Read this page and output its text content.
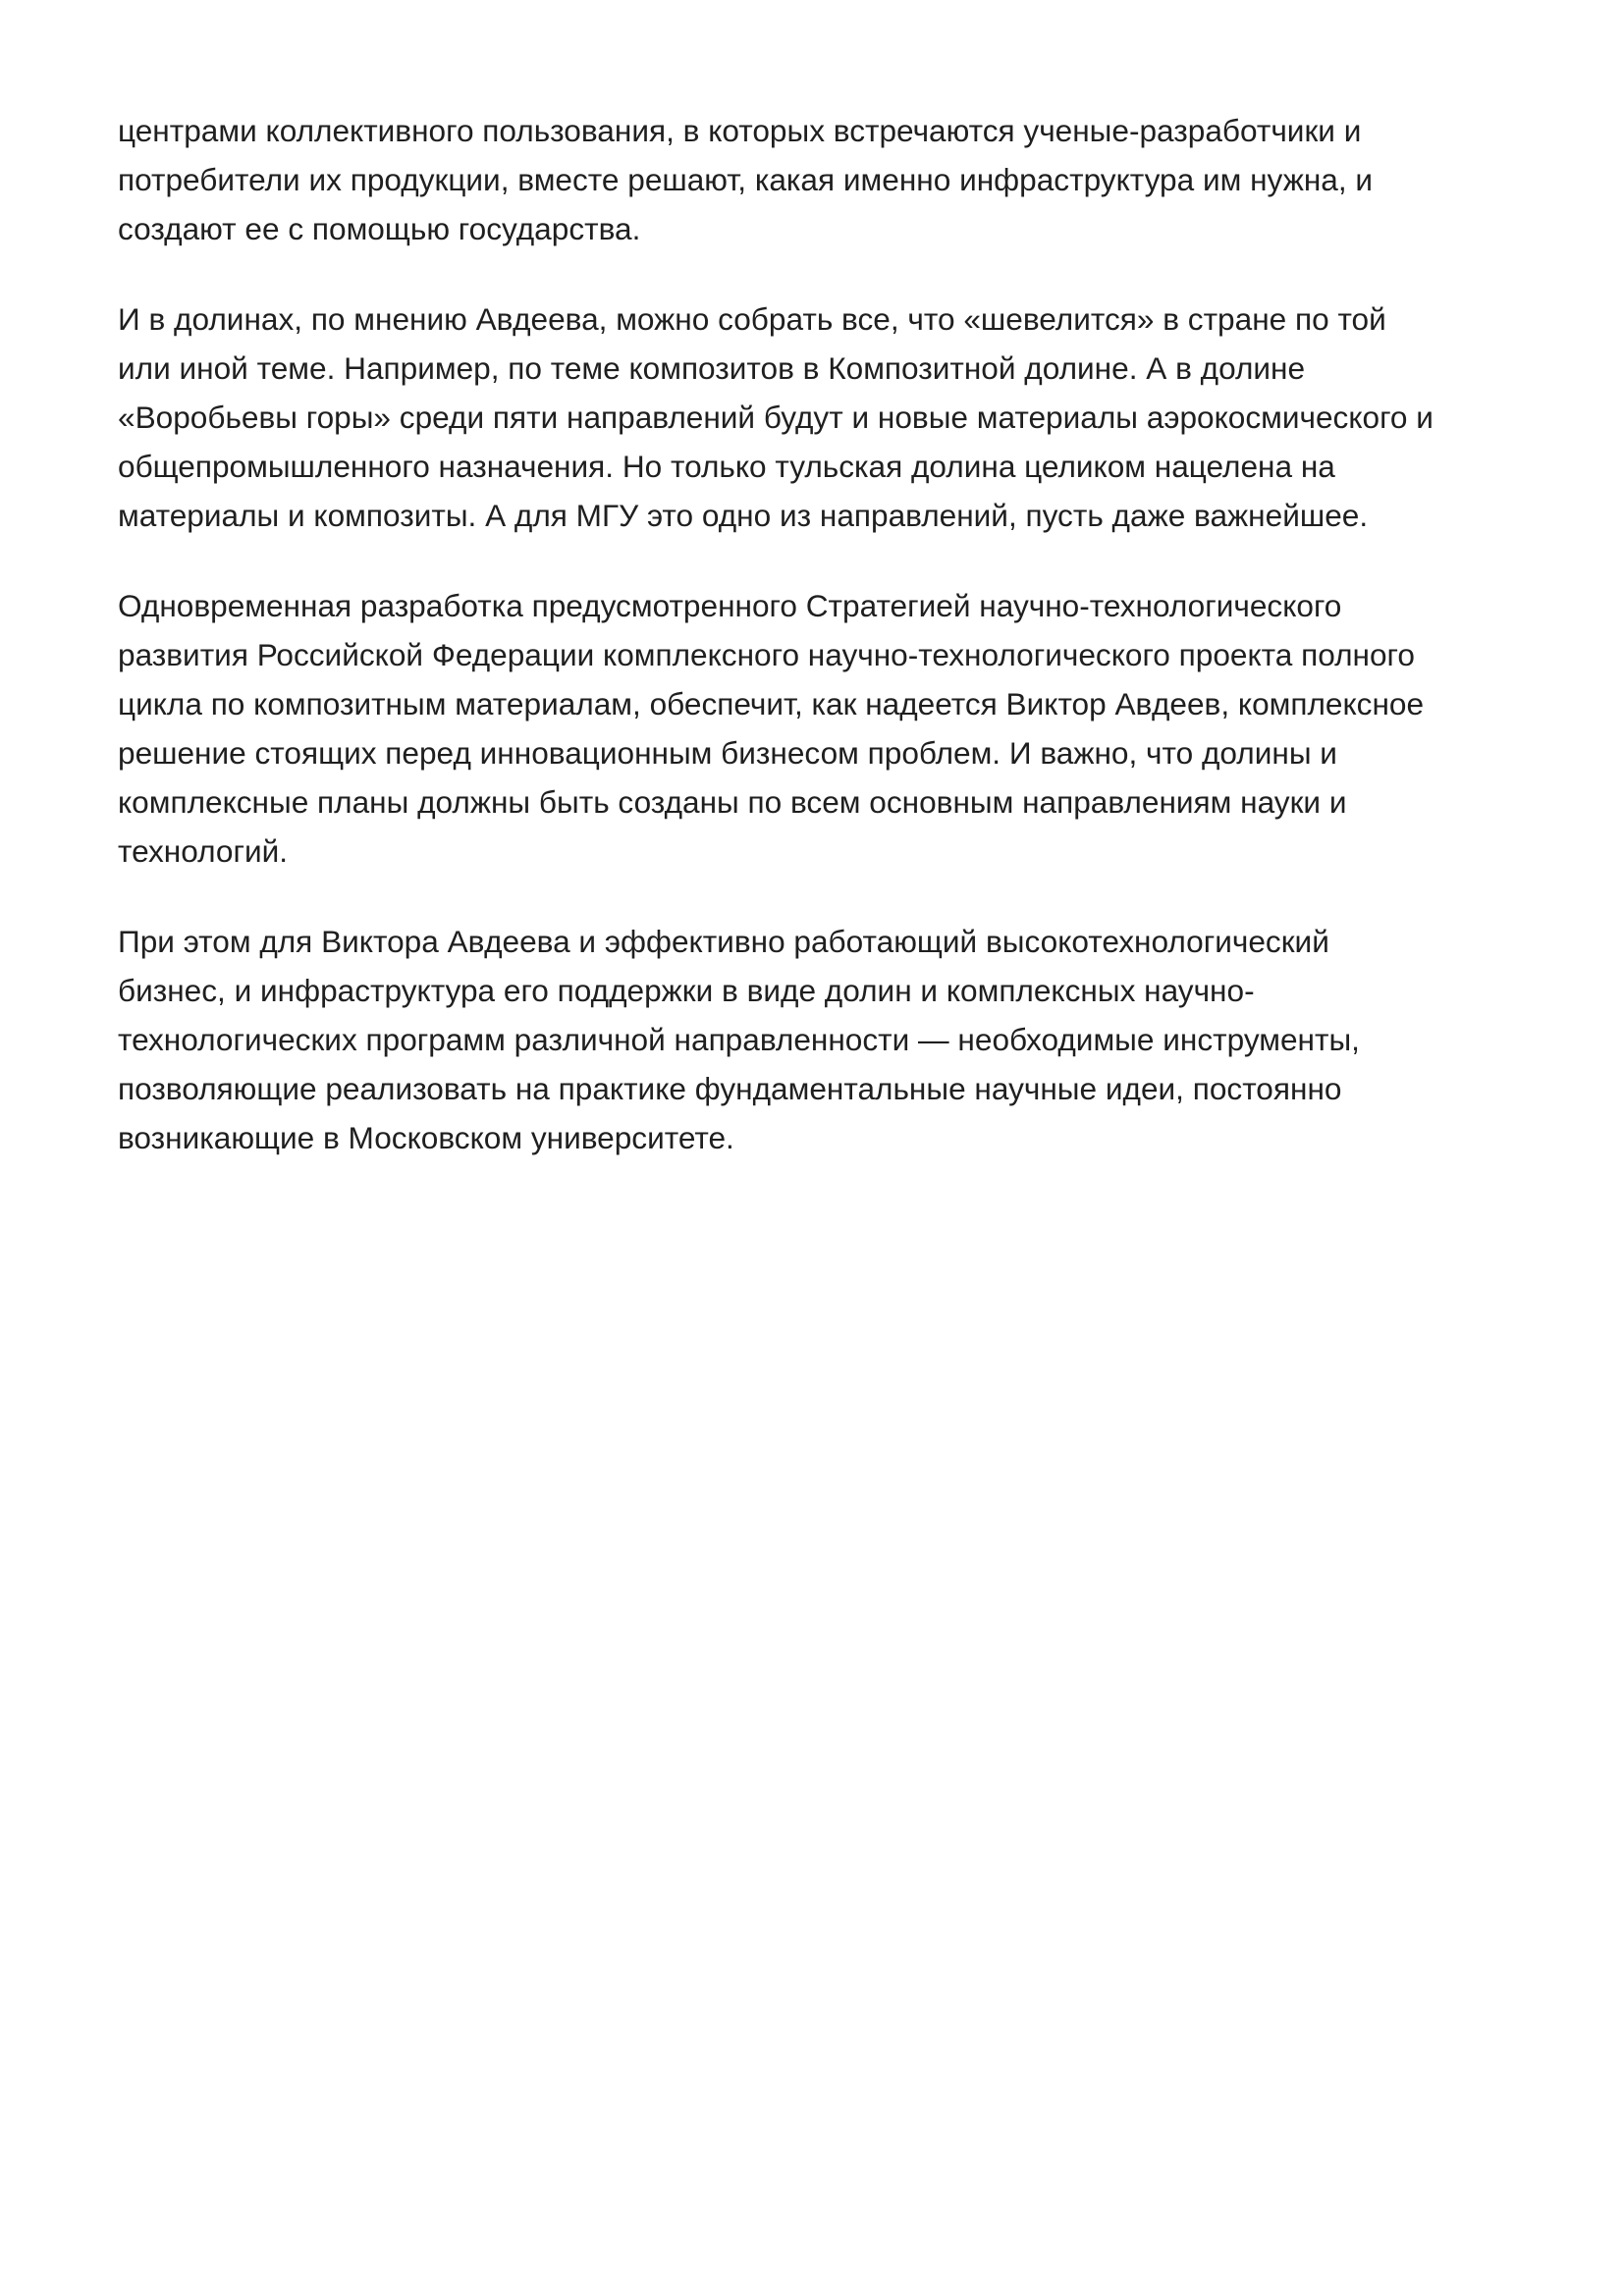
центрами коллективного пользования, в которых встречаются ученые-разработчики и
потребители их продукции, вместе решают, какая именно инфраструктура им нужна, и
создают ее с помощью государства.

И в долинах, по мнению Авдеева, можно собрать все, что «шевелится» в стране по той
или иной теме. Например, по теме композитов в Композитной долине. А в долине
«Воробьевы горы» среди пяти направлений будут и новые материалы аэрокосмического и
общепромышленного назначения. Но только тульская долина целиком нацелена на
материалы и композиты. А для МГУ это одно из направлений, пусть даже важнейшее.

Одновременная разработка предусмотренного Стратегией научно-технологического
развития Российской Федерации комплексного научно-технологического проекта полного
цикла по композитным материалам, обеспечит, как надеется Виктор Авдеев, комплексное
решение стоящих перед инновационным бизнесом проблем. И важно, что долины и
комплексные планы должны быть созданы по всем основным направлениям науки и
технологий.

При этом для Виктора Авдеева и эффективно работающий высокотехнологический
бизнес, и инфраструктура его поддержки в виде долин и комплексных научно-
технологических программ различной направленности — необходимые инструменты,
позволяющие реализовать на практике фундаментальные научные идеи, постоянно
возникающие в Московском университете.
